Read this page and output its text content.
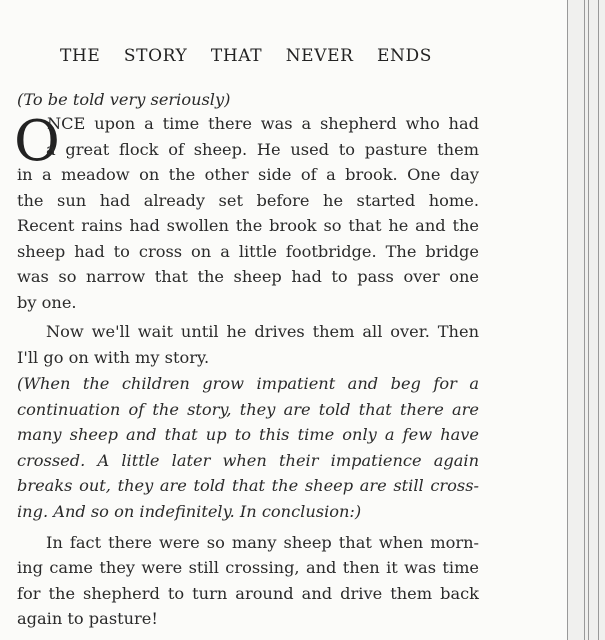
THE STORY THAT NEVER ENDS
(To be told very seriously)
O
NCE upon a time there was a shepherd who had
a great flock of sheep. He used to pasture them
in a meadow on the other side of a brook. One day
the sun had already set before he started home.
Recent rains had swollen the brook so that he and the
sheep had to cross on a little footbridge. The bridge
was so narrow that the sheep had to pass over one
by one.
Now we'll wait until he drives them all over. Then
I'll go on with my story.
(When the children grow impatient and beg for a
continuation of the story, they are told that there are
many sheep and that up to this time only a few have
crossed. A little later when their impatience again
breaks out, they are told that the sheep are still cross-
ing. And so on indefinitely. In conclusion:)
In fact there were so many sheep that when morn-
ing came they were still crossing, and then it was time
for the shepherd to turn around and drive them back
again to pasture!
